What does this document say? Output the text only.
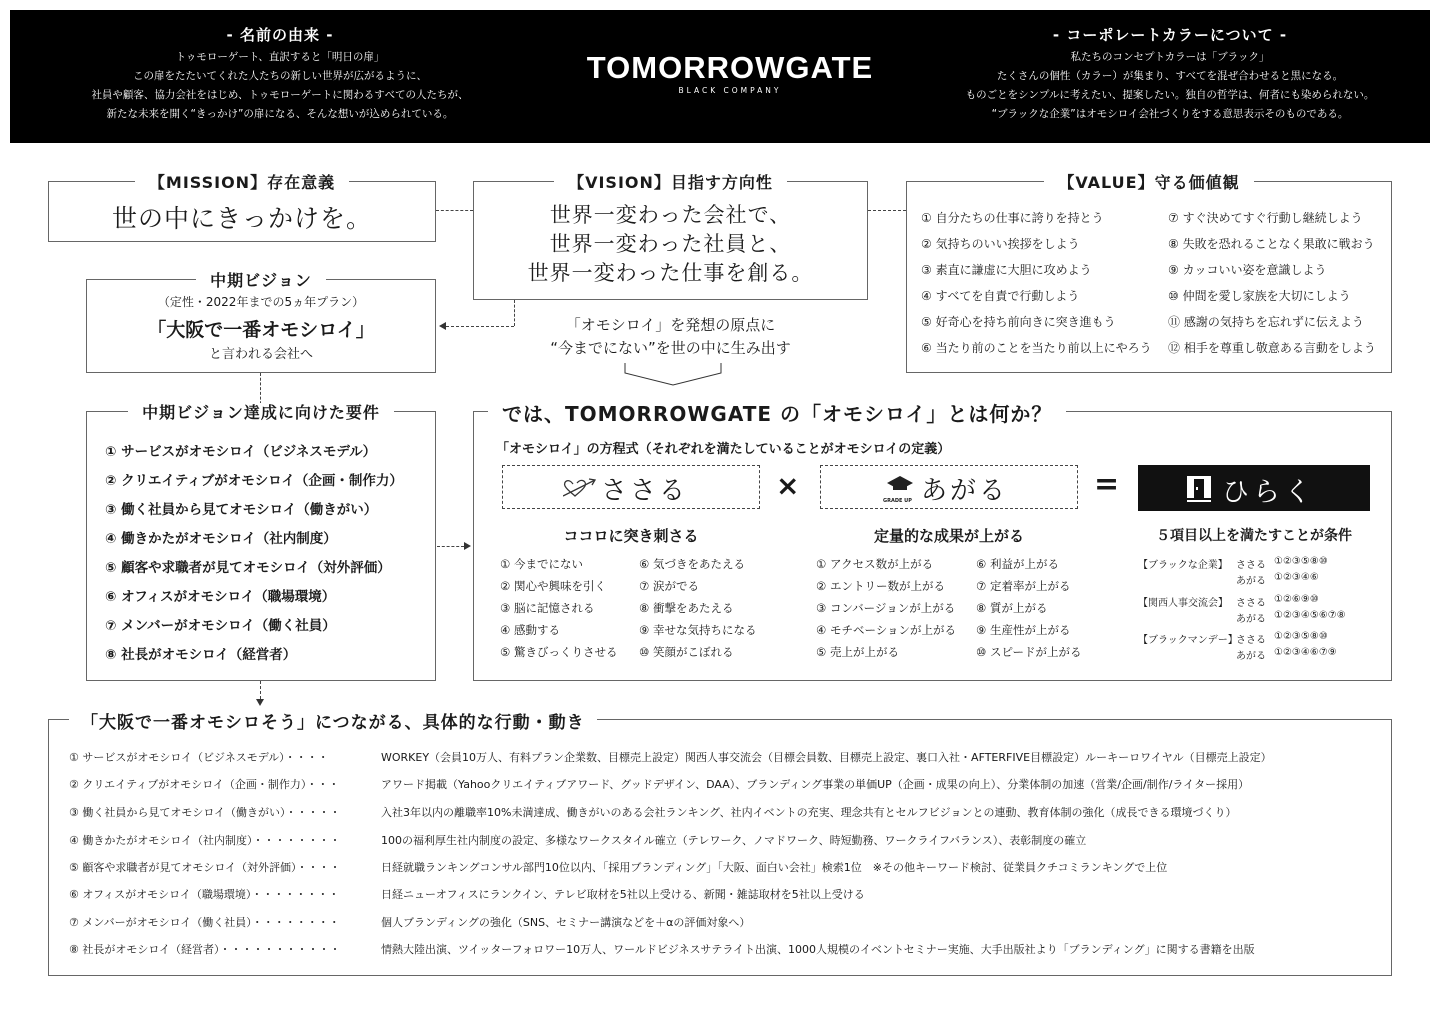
- 名前の由来 -
トゥモローゲート、直訳すると「明日の扉」
この扉をたたいてくれた人たちの新しい世界が広がるように、
社員や顧客、協力会社をはじめ、トゥモローゲートに関わるすべての人たちが、
新たな未来を開く“きっかけ”の扉になる、そんな想いが込められている。
TOMORROWGATE
BLACK COMPANY
- コーポレートカラーについて -
私たちのコンセプトカラーは「ブラック」
たくさんの個性（カラー）が集まり、すべてを混ぜ合わせると黒になる。
ものごとをシンプルに考えたい、提案したい。独自の哲学は、何者にも染められない。
“ブラックな企業”はオモシロイ会社づくりをする意思表示そのものである。
【MISSION】存在意義
世の中にきっかけを。
【VISION】目指す方向性
世界一変わった会社で、
世界一変わった社員と、
世界一変わった仕事を創る。
「オモシロイ」を発想の原点に
“今までにない”を世の中に生み出す
【VALUE】守る価値観
① 自分たちの仕事に誇りを持とう
② 気持ちのいい挨拶をしよう
③ 素直に謙虚に大胆に攻めよう
④ すべてを自責で行動しよう
⑤ 好奇心を持ち前向きに突き進もう
⑥ 当たり前のことを当たり前以上にやろう
⑦ すぐ決めてすぐ行動し継続しよう
⑧ 失敗を恐れることなく果敢に戦おう
⑨ カッコいい姿を意識しよう
⑩ 仲間を愛し家族を大切にしよう
⑪ 感謝の気持ちを忘れずに伝えよう
⑫ 相手を尊重し敬意ある言動をしよう
中期ビジョン
（定性・2022年までの5ヵ年プラン）
「大阪で一番オモシロイ」
と言われる会社へ
中期ビジョン達成に向けた要件
① サービスがオモシロイ（ビジネスモデル）
② クリエイティブがオモシロイ（企画・制作力）
③ 働く社員から見てオモシロイ（働きがい）
④ 働きかたがオモシロイ（社内制度）
⑤ 顧客や求職者が見てオモシロイ（対外評価）
⑥ オフィスがオモシロイ（職場環境）
⑦ メンバーがオモシロイ（働く社員）
⑧ 社長がオモシロイ（経営者）
では、TOMORROWGATE の「オモシロイ」とは何か？
「オモシロイ」の方程式（それぞれを満たしていることがオモシロイの定義）
ささる	×	GRADE UP あがる	=	ひらく
ココロに突き刺さる	定量的な成果が上がる	５項目以上を満たすことが条件
① 今までにない
② 関心や興味を引く
③ 脳に記憶される
④ 感動する
⑤ 驚きびっくりさせる
⑥ 気づきをあたえる
⑦ 涙がでる
⑧ 衝撃をあたえる
⑨ 幸せな気持ちになる
⑩ 笑顔がこぼれる
① アクセス数が上がる
② エントリー数が上がる
③ コンバージョンが上がる
④ モチベーションが上がる
⑤ 売上が上がる
⑥ 利益が上がる
⑦ 定着率が上がる
⑧ 質が上がる
⑨ 生産性が上がる
⑩ スピードが上がる
【ブラックな企業】 ささる ①②③⑤⑧⑩
あがる ①②③④⑥
【関西人事交流会】 ささる ①②⑥⑨⑩
あがる ①②③④⑤⑥⑦⑧
【ブラックマンデー】
ささる ①②③⑤⑧⑩
あがる ①②③④⑥⑦⑨
「大阪で一番オモシロそう」につながる、具体的な行動・動き
① サービスがオモシロイ（ビジネスモデル）・・・・	WORKEY（会員10万人、有料プラン企業数、目標売上設定）関西人事交流会（目標会員数、目標売上設定、裏口入社・AFTERFIVE目標設定）ルーキーロワイヤル（目標売上設定）
② クリエイティブがオモシロイ（企画・制作力）・・・	アワード掲載（Yahooクリエイティブアワード、グッドデザイン、DAA）、ブランディング事業の単価UP（企画・成果の向上）、分業体制の加速（営業/企画/制作/ライター採用）
③ 働く社員から見てオモシロイ（働きがい）・・・・・	入社3年以内の離職率10%未満達成、働きがいのある会社ランキング、社内イベントの充実、理念共有とセルフビジョンとの連動、教育体制の強化（成長できる環境づくり）
④ 働きかたがオモシロイ（社内制度）・・・・・・・・	100の福利厚生社内制度の設定、多様なワークスタイル確立（テレワーク、ノマドワーク、時短勤務、ワークライフバランス）、表彰制度の確立
⑤ 顧客や求職者が見てオモシロイ（対外評価）・・・・	日経就職ランキングコンサル部門10位以内、「採用ブランディング」「大阪、面白い会社」検索1位　※その他キーワード検討、従業員クチコミランキングで上位
⑥ オフィスがオモシロイ（職場環境）・・・・・・・・	日経ニューオフィスにランクイン、テレビ取材を5社以上受ける、新聞・雑誌取材を5社以上受ける
⑦ メンバーがオモシロイ（働く社員）・・・・・・・・	個人ブランディングの強化（SNS、セミナー講演などを＋αの評価対象へ）
⑧ 社長がオモシロイ（経営者）・・・・・・・・・・・	情熱大陸出演、ツイッターフォロワー10万人、ワールドビジネスサテライト出演、1000人規模のイベントセミナー実施、大手出版社より「ブランディング」に関する書籍を出版
